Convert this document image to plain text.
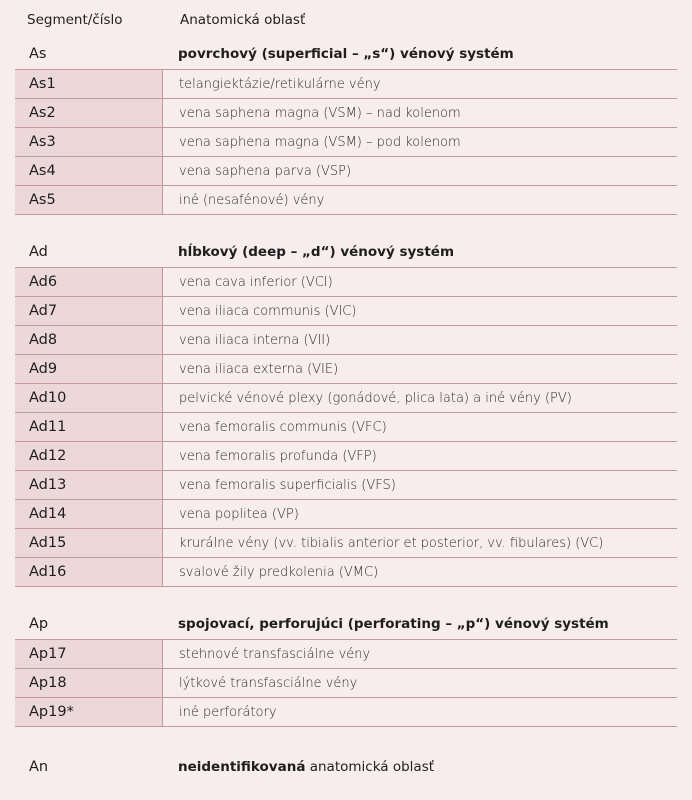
Segment/číslo	Anatomická oblasť
As	povrchový (superficial – „s“) vénový systém
As1	telangiektázie/retikulárne vény
As2	vena saphena magna (VSM) – nad kolenom
As3	vena saphena magna (VSM) – pod kolenom
As4	vena saphena parva (VSP)
As5	iné (nesafénové) vény
Ad	hĺbkový (deep – „d“) vénový systém
Ad6	vena cava inferior (VCI)
Ad7	vena iliaca communis (VIC)
Ad8	vena iliaca interna (VII)
Ad9	vena iliaca externa (VIE)
Ad10	pelvické vénové plexy (gonádové, plica lata) a iné vény (PV)
Ad11	vena femoralis communis (VFC)
Ad12	vena femoralis profunda (VFP)
Ad13	vena femoralis superficialis (VFS)
Ad14	vena poplitea (VP)
Ad15	kruráIne vény (vv. tibialis anterior et posterior, vv. fibulares) (VC)
Ad16	svalové žily predkolenia (VMC)
Ap	spojovací, perforujúci (perforating – „p“) vénový systém
Ap17	stehnové transfasciálne vény
Ap18	lýtkové transfasciálne vény
Ap19*	iné perforátory
An	neidentifikovaná anatomická oblasť
